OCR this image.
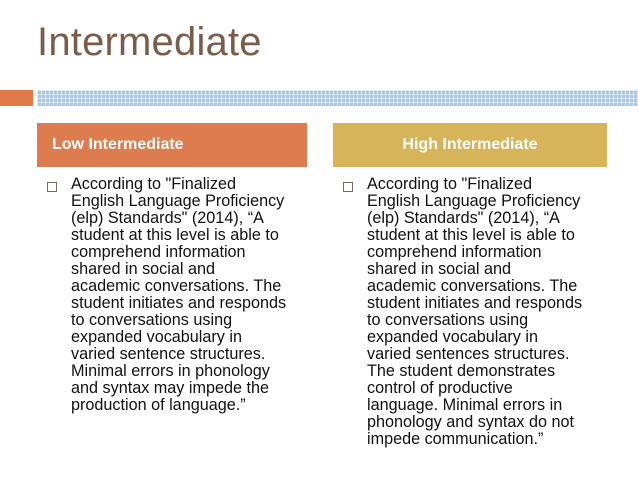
Intermediate
Low Intermediate	High Intermediate
According to "Finalized
English Language Proficiency
(elp) Standards" (2014), “A
student at this level is able to
comprehend information
shared in social and
academic conversations. The
student initiates and responds
to conversations using
expanded vocabulary in
varied sentence structures.
Minimal errors in phonology
and syntax may impede the
production of language.”
According to "Finalized
English Language Proficiency
(elp) Standards" (2014), “A
student at this level is able to
comprehend information
shared in social and
academic conversations. The
student initiates and responds
to conversations using
expanded vocabulary in
varied sentences structures.
The student demonstrates
control of productive
language. Minimal errors in
phonology and syntax do not
impede communication.”
